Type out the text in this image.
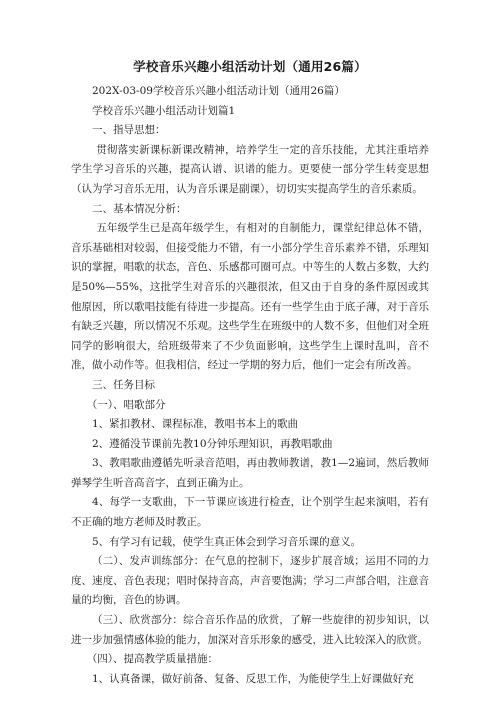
学校音乐兴趣小组活动计划（通用26篇）

202X-03-09学校音乐兴趣小组活动计划（通用26篇）

学校音乐兴趣小组活动计划篇1

一、指导思想：

贯彻落实新课标新课改精神，培养学生一定的音乐技能，尤其注重培养学生学习音乐的兴趣，提高认谱、识谱的能力。更要使一部分学生转变思想（认为学习音乐无用，认为音乐课是副课），切切实实提高学生的音乐素质。

二、基本情况分析：

五年级学生已是高年级学生，有相对的自制能力，课堂纪律总体不错，音乐基础相对较弱，但接受能力不错，有一小部分学生音乐素养不错，乐理知识的掌握，唱歌的状态，音色、乐感都可圈可点。中等生的人数占多数，大约是50%—55%，这批学生对音乐的兴趣很浓，但又由于自身的条件原因或其他原因，所以歌唱技能有待进一步提高。还有一些学生由于底子薄，对于音乐有缺乏兴趣，所以情况不乐观。这些学生在班级中的人数不多，但他们对全班同学的影响很大，给班级带来了不少负面影响，这些学生上课时乱叫，音不准，做小动作等。但我相信，经过一学期的努力后，他们一定会有所改善。

三、任务目标

（一）、唱歌部分

1、紧扣教材、课程标准，教唱书本上的歌曲

2、遵循没节课前先教10分钟乐理知识，再教唱歌曲

3、教唱歌曲遵循先听录音范唱，再由教师教谱，教1—2遍词，然后教师弹琴学生听音高音字，直到正确为止。

4、每学一支歌曲，下一节课应该进行检查，让个别学生起来演唱，若有不正确的地方老师及时教正。

5、有学习有记载，使学生真正体会到学习音乐课的意义。

（二）、发声训练部分：在气息的控制下，逐步扩展音域；运用不同的力度、速度、音色表现；唱时保持音高，声音要饱满；学习二声部合唱，注意音量的均衡，音色的协调。

（三）、欣赏部分：综合音乐作品的欣赏，了解一些旋律的初步知识，以进一步加强情感体验的能力，加深对音乐形象的感受，进入比较深入的欣赏。

（四）、提高教学质量措施：

1、认真备课，做好前备、复备、反思工作，为能使学生上好课做好充
